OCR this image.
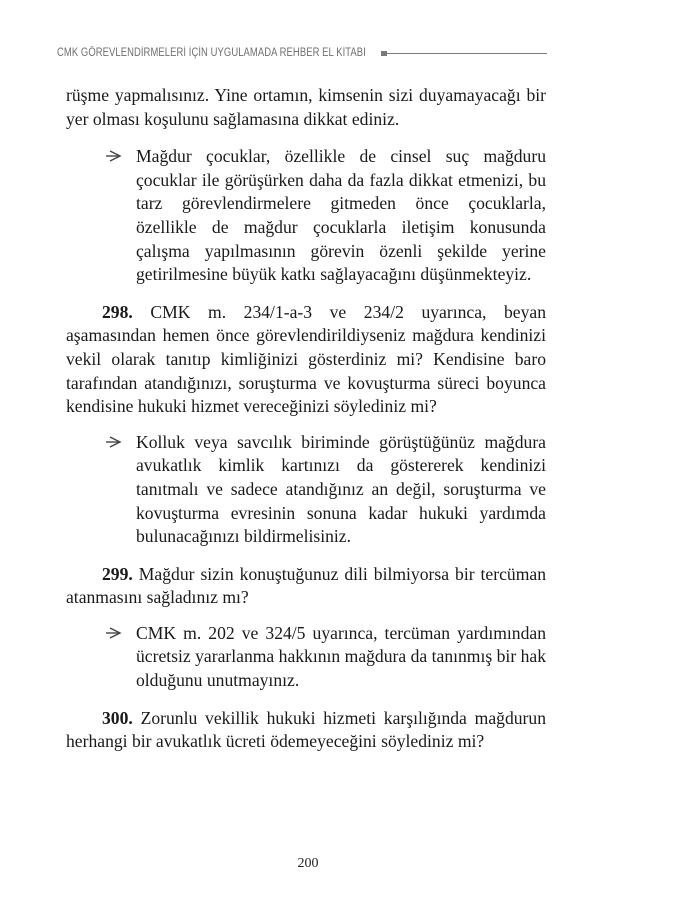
CMK GÖREVLENDİRMELERİ İÇİN UYGULAMADA REHBER EL KİTABI

rüşme yapmalısınız. Yine ortamın, kimsenin sizi duyamayacağı bir yer olması koşulunu sağlamasına dikkat ediniz.

Mağdur çocuklar, özellikle de cinsel suç mağduru çocuklar ile görüşürken daha da fazla dikkat etmenizi, bu tarz görevlendirmelere gitmeden önce çocuklarla, özellikle de mağdur çocuklarla iletişim konusunda çalışma yapılmasının görevin özenli şekilde yerine getirilmesine büyük katkı sağlayacağını düşünmekteyiz.

298. CMK m. 234/1-a-3 ve 234/2 uyarınca, beyan aşamasından hemen önce görevlendirildiyseniz mağdura kendinizi vekil olarak tanıtıp kimliğinizi gösterdiniz mi? Kendisine baro tarafından atandığınızı, soruşturma ve kovuşturma süreci boyunca kendisine hukuki hizmet vereceğinizi söylediniz mi?

Kolluk veya savcılık biriminde görüştüğünüz mağdura avukatlık kimlik kartınızı da göstererek kendinizi tanıtmalı ve sadece atandığınız an değil, soruşturma ve kovuşturma evresinin sonuna kadar hukuki yardımda bulunacağınızı bildirmelisiniz.

299. Mağdur sizin konuştuğunuz dili bilmiyorsa bir tercüman atanmasını sağladınız mı?

CMK m. 202 ve 324/5 uyarınca, tercüman yardımından ücretsiz yararlanma hakkının mağdura da tanınmış bir hak olduğunu unutmayınız.

300. Zorunlu vekillik hukuki hizmeti karşılığında mağdurun herhangi bir avukatlık ücreti ödemeyeceğini söylediniz mi?

200
